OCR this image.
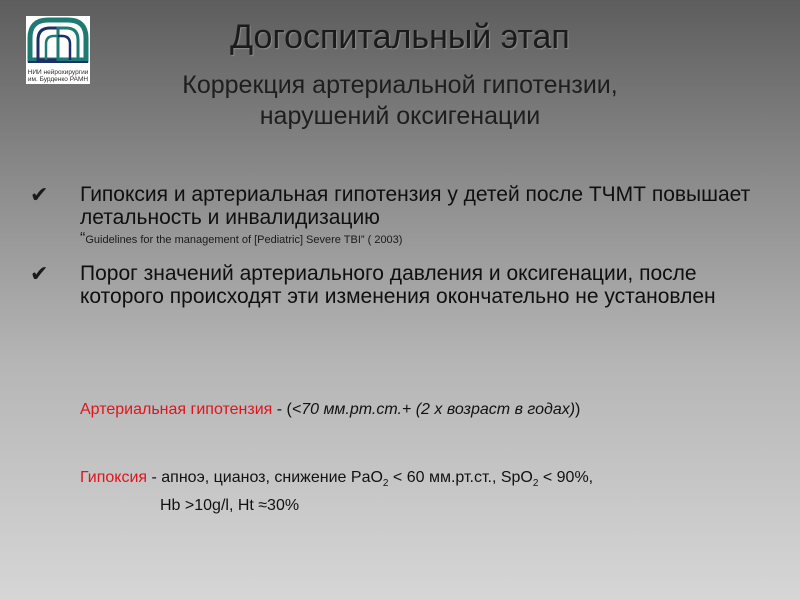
НИИ нейрохирургии
им. Бурденко РАМН
Догоспитальный этап
Коррекция артериальной гипотензии,
нарушений оксигенации
✔ Гипоксия и артериальная гипотензия у детей после ТЧМТ повышает летальность и инвалидизацию
“Guidelines for the management of [Pediatric] Severe TBI” ( 2003)
✔ Порог значений артериального давления и оксигенации, после которого происходят эти изменения окончательно не установлен
Артериальная гипотензия - (<70 мм.рт.ст.+ (2 х возраст в годах))
Гипоксия - апноэ, цианоз, снижение PaO$_2$ < 60 мм.рт.ст., SpO$_2$ < 90%,
Hb >10g/l, Ht ≈30%
